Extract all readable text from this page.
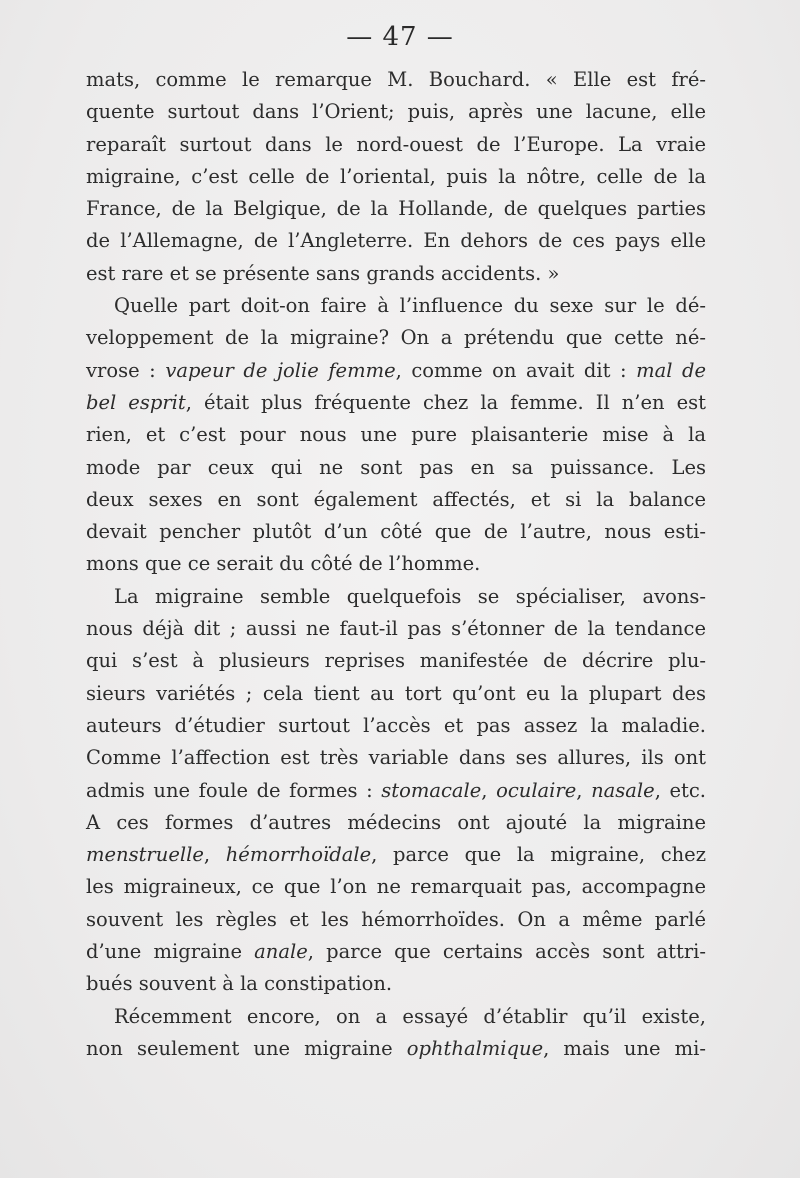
— 47 —
mats, comme le remarque M. Bouchard. « Elle est fré-
quente surtout dans l’Orient; puis, après une lacune, elle
reparaît surtout dans le nord-ouest de l’Europe. La vraie
migraine, c’est celle de l’oriental, puis la nôtre, celle de la
France, de la Belgique, de la Hollande, de quelques parties
de l’Allemagne, de l’Angleterre. En dehors de ces pays elle
est rare et se présente sans grands accidents. »
Quelle part doit-on faire à l’influence du sexe sur le dé-
veloppement de la migraine? On a prétendu que cette né-
vrose : vapeur de jolie femme, comme on avait dit : mal de
bel esprit, était plus fréquente chez la femme. Il n’en est
rien, et c’est pour nous une pure plaisanterie mise à la
mode par ceux qui ne sont pas en sa puissance. Les
deux sexes en sont également affectés, et si la balance
devait pencher plutôt d’un côté que de l’autre, nous esti-
mons que ce serait du côté de l’homme.
La migraine semble quelquefois se spécialiser, avons-
nous déjà dit ; aussi ne faut-il pas s’étonner de la tendance
qui s’est à plusieurs reprises manifestée de décrire plu-
sieurs variétés ; cela tient au tort qu’ont eu la plupart des
auteurs d’étudier surtout l’accès et pas assez la maladie.
Comme l’affection est très variable dans ses allures, ils ont
admis une foule de formes : stomacale, oculaire, nasale, etc.
A ces formes d’autres médecins ont ajouté la migraine
menstruelle, hémorrhoïdale, parce que la migraine, chez
les migraineux, ce que l’on ne remarquait pas, accompagne
souvent les règles et les hémorrhoïdes. On a même parlé
d’une migraine anale, parce que certains accès sont attri-
bués souvent à la constipation.
Récemment encore, on a essayé d’établir qu’il existe,
non seulement une migraine ophthalmique, mais une mi-
